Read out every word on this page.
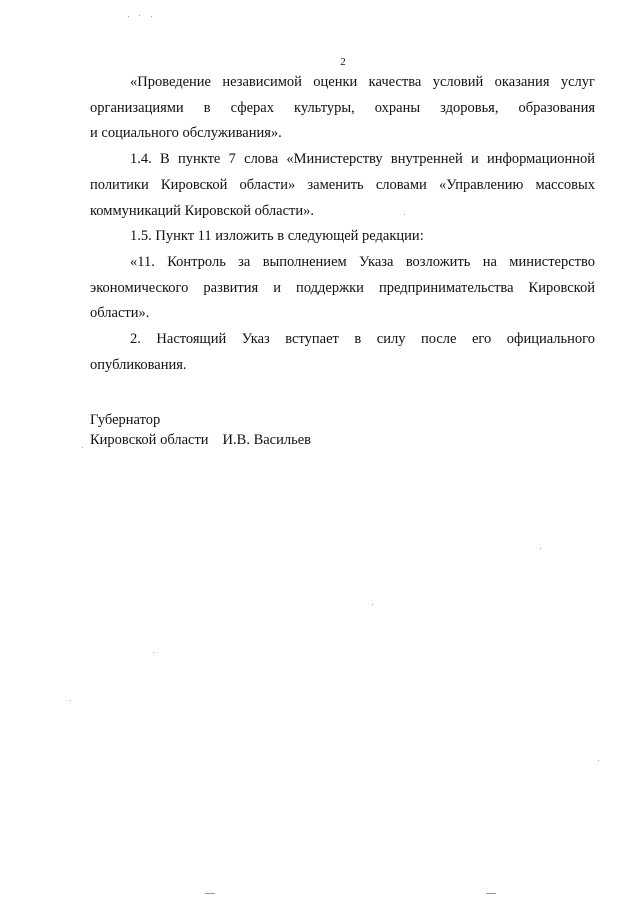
2
«Проведение независимой оценки качества условий оказания услуг
организациями в сферах культуры, охраны здоровья, образования
и социального обслуживания».
1.4. В пункте 7 слова «Министерству внутренней и информационной
политики Кировской области» заменить словами «Управлению массовых
коммуникаций Кировской области».
1.5. Пункт 11 изложить в следующей редакции:
«11. Контроль за выполнением Указа возложить на министерство
экономического развития и поддержки предпринимательства Кировской
области».
2. Настоящий Указ вступает в силу после его официального
опубликования.
Губернатор
Кировской области И.В. Васильев
